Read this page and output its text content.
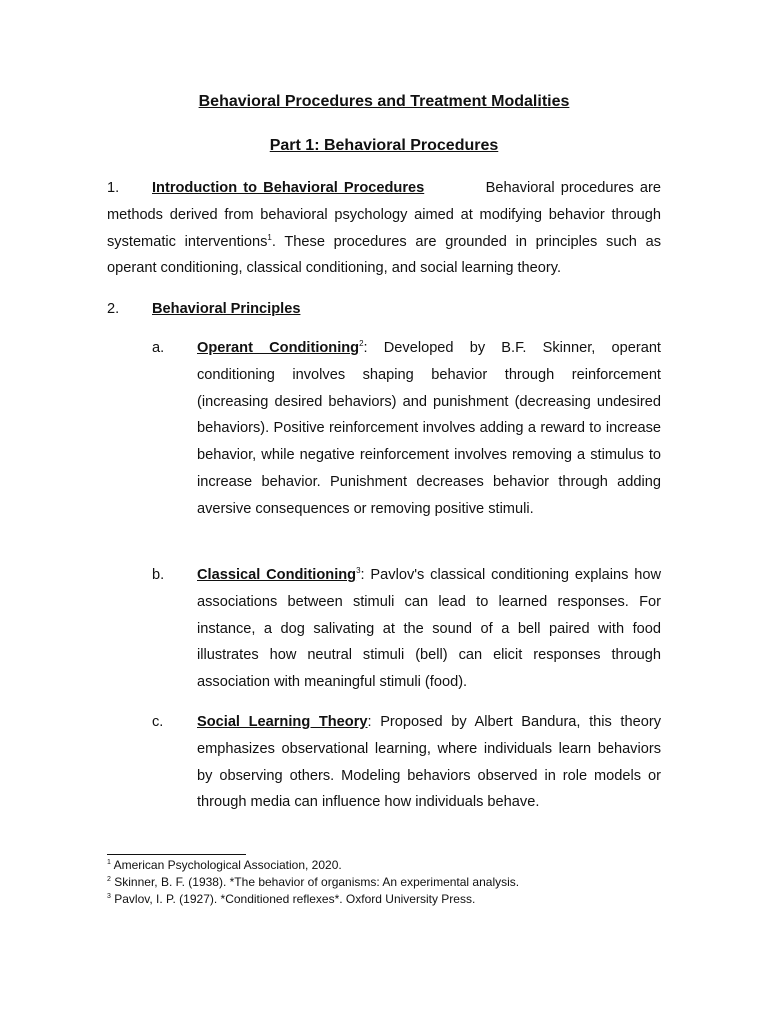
Behavioral Procedures and Treatment Modalities
Part 1: Behavioral Procedures
1. Introduction to Behavioral Procedures	Behavioral procedures are methods derived from behavioral psychology aimed at modifying behavior through systematic interventions$^1$. These procedures are grounded in principles such as operant conditioning, classical conditioning, and social learning theory.
2. Behavioral Principles
a. Operant Conditioning$^2$: Developed by B.F. Skinner, operant conditioning involves shaping behavior through reinforcement (increasing desired behaviors) and punishment (decreasing undesired behaviors). Positive reinforcement involves adding a reward to increase behavior, while negative reinforcement involves removing a stimulus to increase behavior. Punishment decreases behavior through adding aversive consequences or removing positive stimuli.
b. Classical Conditioning$^3$: Pavlov's classical conditioning explains how associations between stimuli can lead to learned responses. For instance, a dog salivating at the sound of a bell paired with food illustrates how neutral stimuli (bell) can elicit responses through association with meaningful stimuli (food).
c. Social Learning Theory: Proposed by Albert Bandura, this theory emphasizes observational learning, where individuals learn behaviors by observing others. Modeling behaviors observed in role models or through media can influence how individuals behave.
$^1$ American Psychological Association, 2020.
$^2$ Skinner, B. F. (1938). *The behavior of organisms: An experimental analysis.
$^3$ Pavlov, I. P. (1927). *Conditioned reflexes*. Oxford University Press.
